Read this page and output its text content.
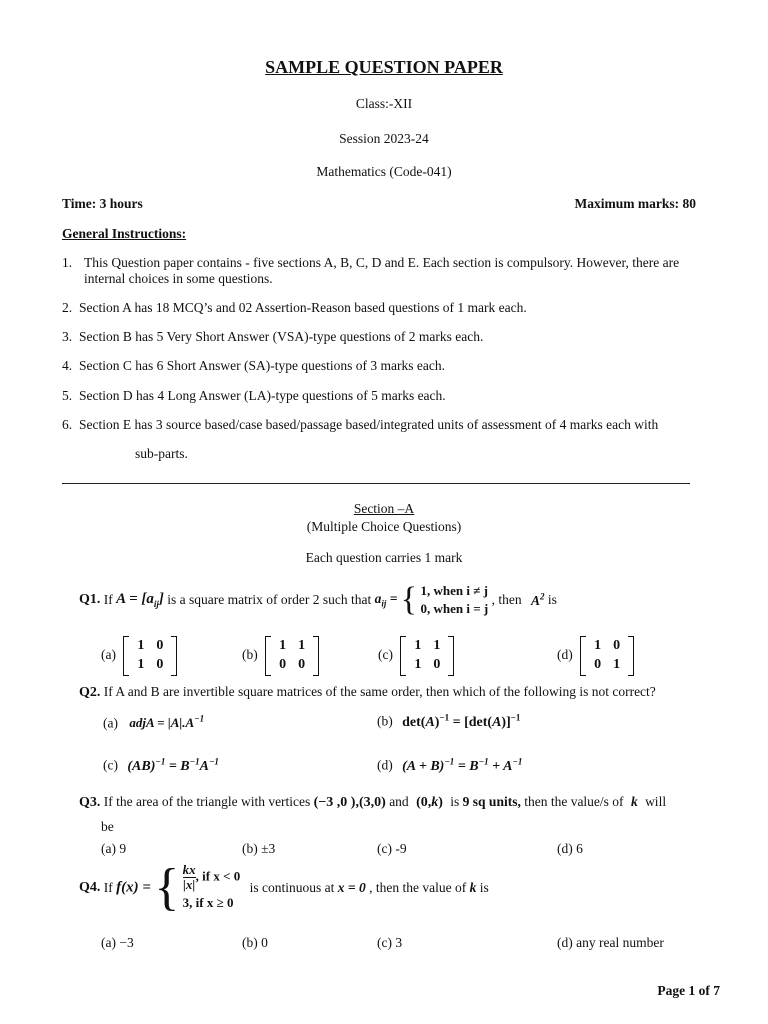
SAMPLE QUESTION PAPER
Class:-XII
Session 2023-24
Mathematics (Code-041)
Time: 3 hours	Maximum marks: 80
General Instructions:
1. This Question paper contains - five sections A, B, C, D and E. Each section is compulsory. However, there are internal choices in some questions.
2. Section A has 18 MCQ’s and 02 Assertion-Reason based questions of 1 mark each.
3. Section B has 5 Very Short Answer (VSA)-type questions of 2 marks each.
4. Section C has 6 Short Answer (SA)-type questions of 3 marks each.
5. Section D has 4 Long Answer (LA)-type questions of 5 marks each.
6. Section E has 3 source based/case based/passage based/integrated units of assessment of 4 marks each with
sub-parts.
Section –A
(Multiple Choice Questions)
Each question carries 1 mark
Q1. If $A = [a_{ij}]$ is a square matrix of order 2 such that $a_{ij}$ = { 1, when i ≠ j
0, when i = j
, then $A^2$ is
(a)
1	0
1	0
(b)
1	1
0	0
(c)
1	1
1	0
(d)
1	0
0	1
Q2. If A and B are invertible square matrices of the same order, then which of the following is not correct?
(a) adjA = $|A|.A^{-1}$	(b) $\det(A)^{-1} = [\det(A)]^{-1}$
(c) $(AB)^{-1} = B^{-1}A^{-1}$	(d) $(A + B)^{-1} = B^{-1} + A^{-1}$
Q3. If the area of the triangle with vertices (−3 ,0 ),(3,0) and (0,k) is 9 sq units, then the value/s of k will
be
(a) 9	(b) ±3	(c) -9	(d) 6
Q4. If f(x) = { $\frac{kx}{|x|}$ , if x < 0
3, if x ≥ 0
is continuous at x = 0 , then the value of k is
(a) −3	(b) 0	(c) 3	(d) any real number
Page 1 of 7
